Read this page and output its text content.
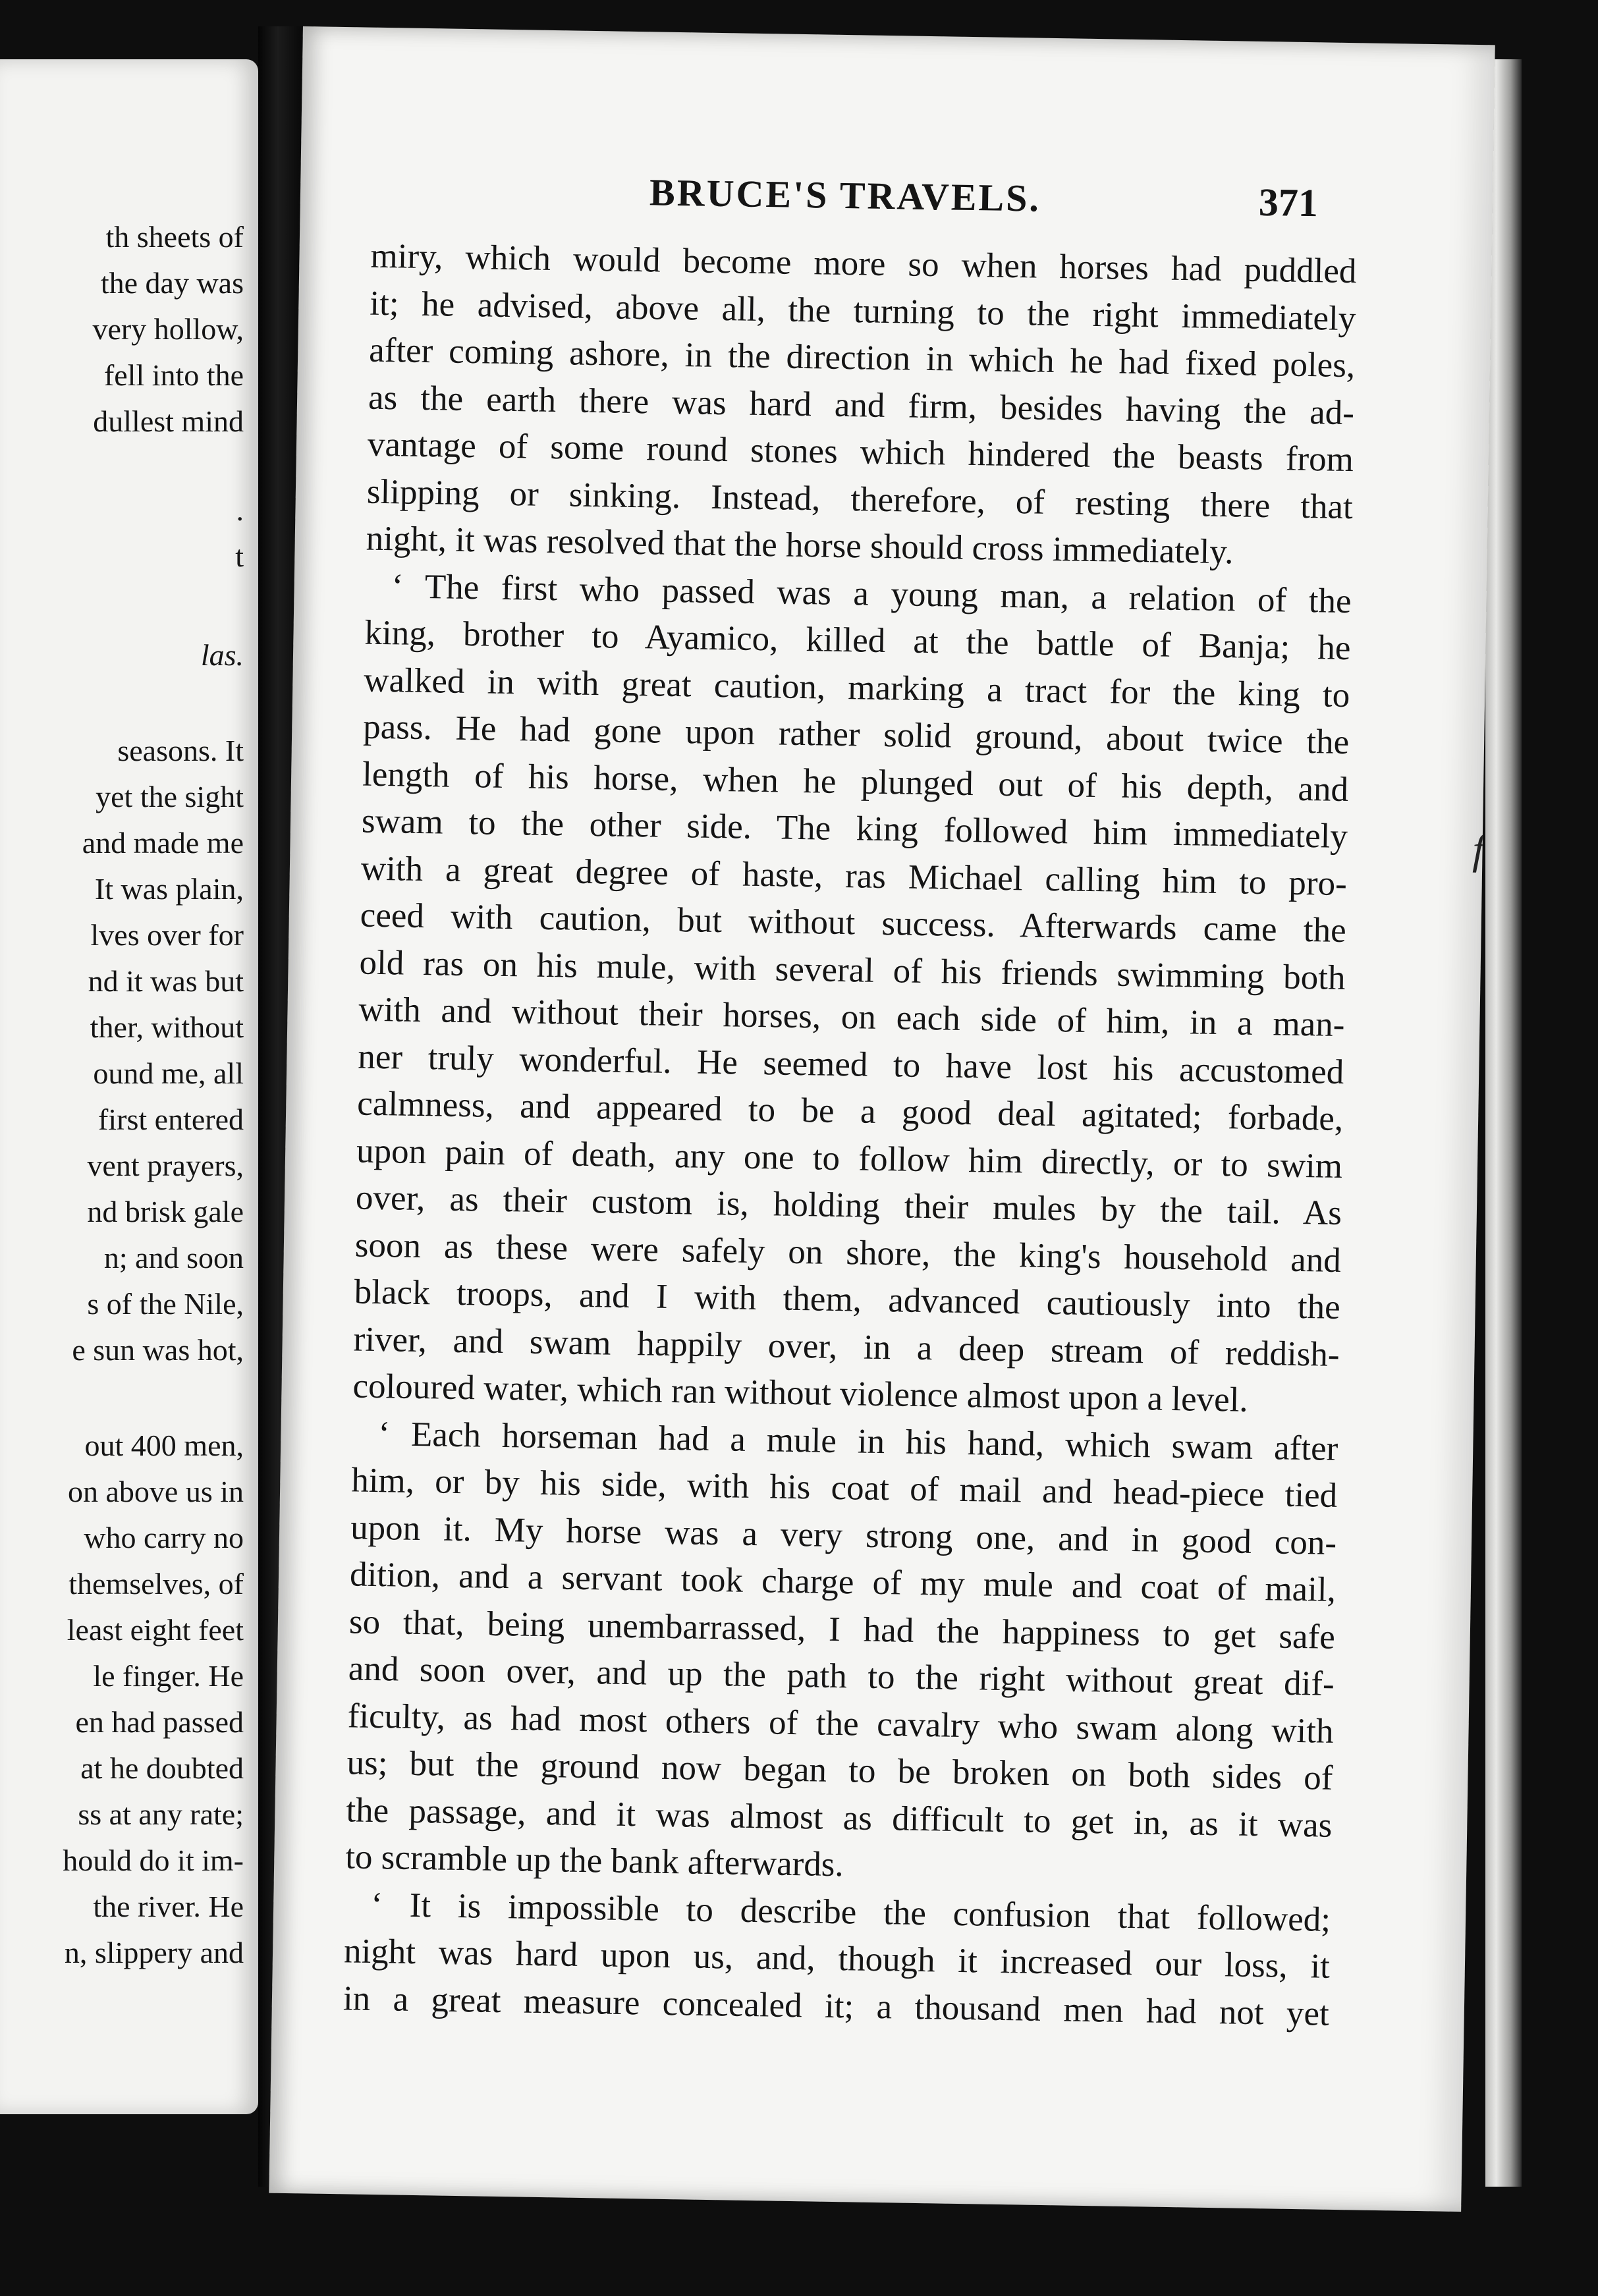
th sheets of
the day was
very hollow,
fell into the
dullest mind
.
t
las.
seasons. It
yet the sight
and made me
It was plain,
lves over for
nd it was but
ther, without
ound me, all
first entered
vent prayers,
nd brisk gale
n; and soon
s of the Nile,
e sun was hot,
out 400 men,
on above us in
who carry no
themselves, of
least eight feet
le finger. He
en had passed
at he doubted
ss at any rate;
hould do it im-
the river. He
n, slippery and
BRUCE'S TRAVELS.	371
miry, which would become more so when horses had puddled
it; he advised, above all, the turning to the right immediately
after coming ashore, in the direction in which he had fixed poles,
as the earth there was hard and firm, besides having the ad-
vantage of some round stones which hindered the beasts from
slipping or sinking. Instead, therefore, of resting there that
night, it was resolved that the horse should cross immediately.
‘ The first who passed was a young man, a relation of the
king, brother to Ayamico, killed at the battle of Banja; he
walked in with great caution, marking a tract for the king to
pass. He had gone upon rather solid ground, about twice the
length of his horse, when he plunged out of his depth, and
swam to the other side. The king followed him immediately
with a great degree of haste, ras Michael calling him to pro-
ceed with caution, but without success. Afterwards came the
old ras on his mule, with several of his friends swimming both
with and without their horses, on each side of him, in a man-
ner truly wonderful. He seemed to have lost his accustomed
calmness, and appeared to be a good deal agitated; forbade,
upon pain of death, any one to follow him directly, or to swim
over, as their custom is, holding their mules by the tail. As
soon as these were safely on shore, the king's household and
black troops, and I with them, advanced cautiously into the
river, and swam happily over, in a deep stream of reddish-
coloured water, which ran without violence almost upon a level.
‘ Each horseman had a mule in his hand, which swam after
him, or by his side, with his coat of mail and head-piece tied
upon it. My horse was a very strong one, and in good con-
dition, and a servant took charge of my mule and coat of mail,
so that, being unembarrassed, I had the happiness to get safe
and soon over, and up the path to the right without great dif-
ficulty, as had most others of the cavalry who swam along with
us; but the ground now began to be broken on both sides of
the passage, and it was almost as difficult to get in, as it was
to scramble up the bank afterwards.
‘ It is impossible to describe the confusion that followed;
night was hard upon us, and, though it increased our loss, it
in a great measure concealed it; a thousand men had not yet
f
